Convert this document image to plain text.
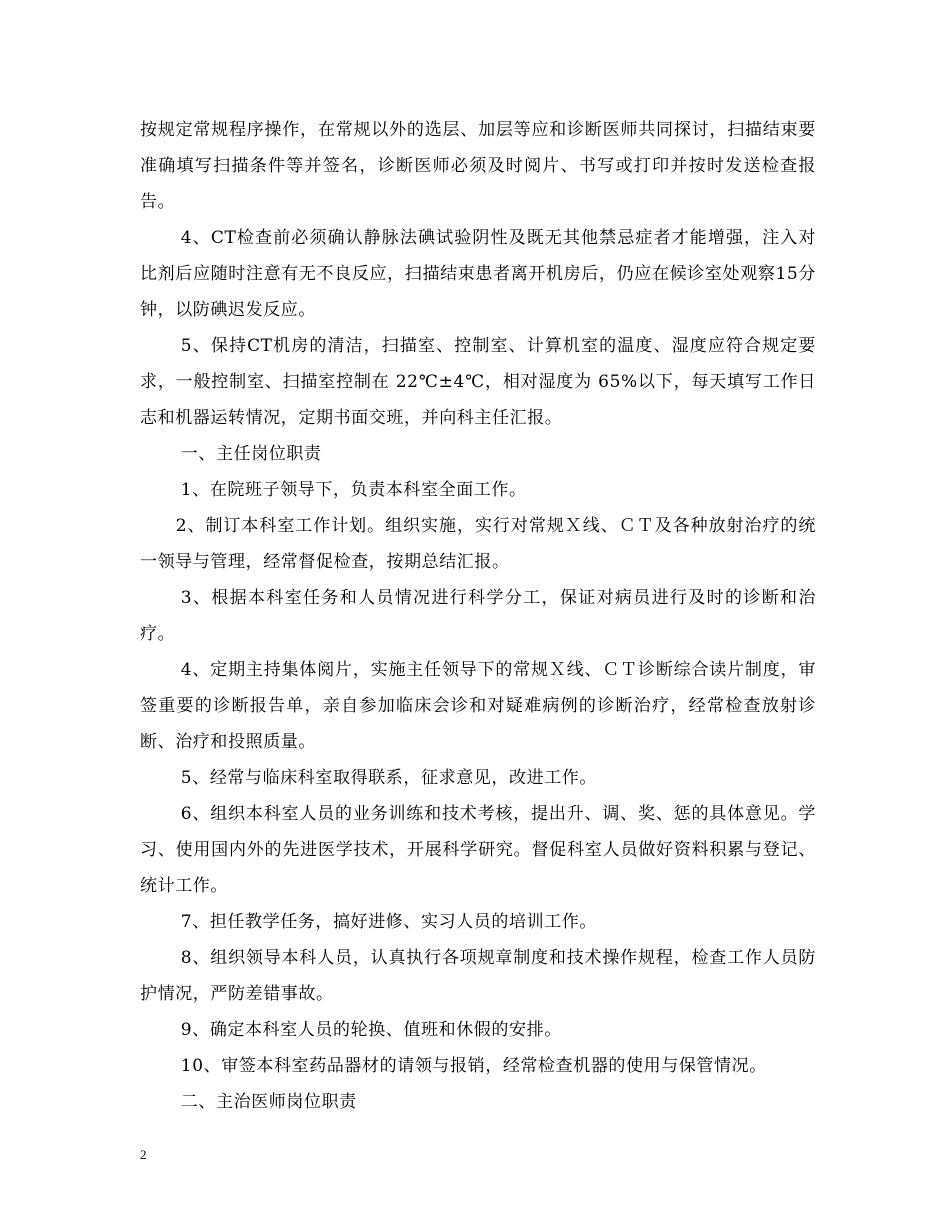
按规定常规程序操作，在常规以外的选层、加层等应和诊断医师共同探讨，扫描结束要准确填写扫描条件等并签名，诊断医师必须及时阅片、书写或打印并按时发送检查报告。

4、CT检查前必须确认静脉法碘试验阴性及既无其他禁忌症者才能增强，注入对比剂后应随时注意有无不良反应，扫描结束患者离开机房后，仍应在候诊室处观察15分钟，以防碘迟发反应。

5、保持CT机房的清洁，扫描室、控制室、计算机室的温度、湿度应符合规定要求，一般控制室、扫描室控制在 22℃±4℃，相对湿度为 65%以下，每天填写工作日志和机器运转情况，定期书面交班，并向科主任汇报。

一、主任岗位职责

1、在院班子领导下，负责本科室全面工作。

2、制订本科室工作计划。组织实施，实行对常规Ｘ线、ＣＴ及各种放射治疗的统一领导与管理，经常督促检查，按期总结汇报。

3、根据本科室任务和人员情况进行科学分工，保证对病员进行及时的诊断和治疗。

4、定期主持集体阅片，实施主任领导下的常规Ｘ线、ＣＴ诊断综合读片制度，审签重要的诊断报告单，亲自参加临床会诊和对疑难病例的诊断治疗，经常检查放射诊断、治疗和投照质量。

5、经常与临床科室取得联系，征求意见，改进工作。

6、组织本科室人员的业务训练和技术考核，提出升、调、奖、惩的具体意见。学习、使用国内外的先进医学技术，开展科学研究。督促科室人员做好资料积累与登记、统计工作。

7、担任教学任务，搞好进修、实习人员的培训工作。

8、组织领导本科人员，认真执行各项规章制度和技术操作规程，检查工作人员防护情况，严防差错事故。

9、确定本科室人员的轮换、值班和休假的安排。

10、审签本科室药品器材的请领与报销，经常检查机器的使用与保管情况。

二、主治医师岗位职责

2
